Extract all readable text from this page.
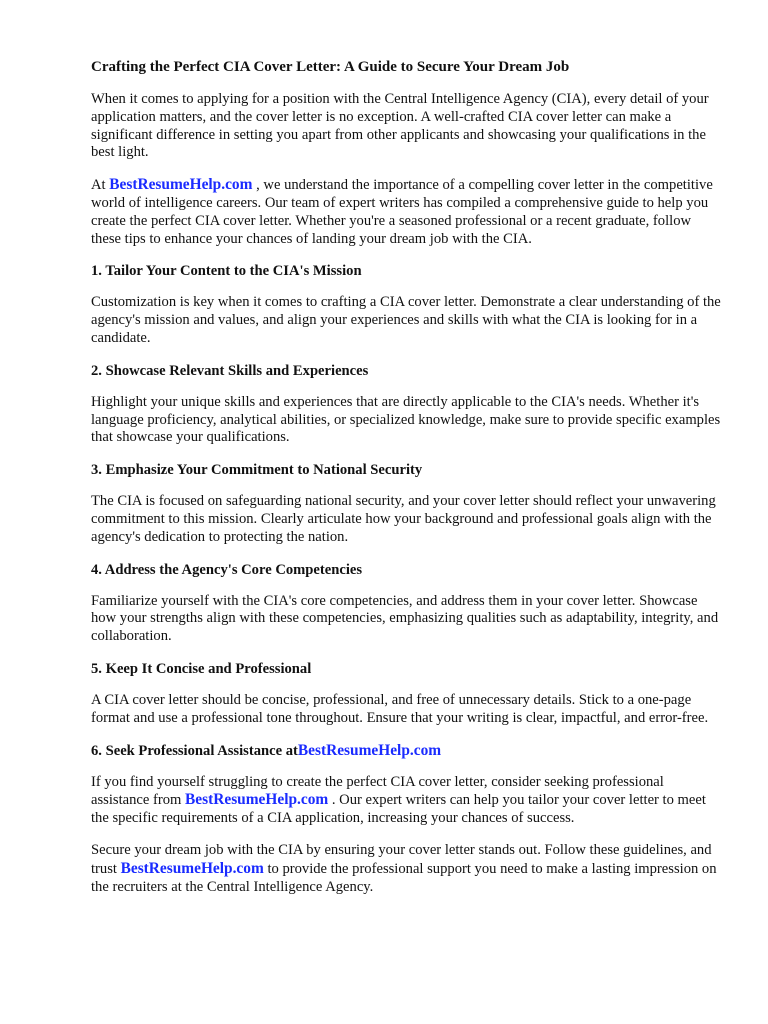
Crafting the Perfect CIA Cover Letter: A Guide to Secure Your Dream Job

When it comes to applying for a position with the Central Intelligence Agency (CIA), every detail of your application matters, and the cover letter is no exception. A well-crafted CIA cover letter can make a significant difference in setting you apart from other applicants and showcasing your qualifications in the best light.

At BestResumeHelp.com , we understand the importance of a compelling cover letter in the competitive world of intelligence careers. Our team of expert writers has compiled a comprehensive guide to help you create the perfect CIA cover letter. Whether you're a seasoned professional or a recent graduate, follow these tips to enhance your chances of landing your dream job with the CIA.

1. Tailor Your Content to the CIA's Mission

Customization is key when it comes to crafting a CIA cover letter. Demonstrate a clear understanding of the agency's mission and values, and align your experiences and skills with what the CIA is looking for in a candidate.

2. Showcase Relevant Skills and Experiences

Highlight your unique skills and experiences that are directly applicable to the CIA's needs. Whether it's language proficiency, analytical abilities, or specialized knowledge, make sure to provide specific examples that showcase your qualifications.

3. Emphasize Your Commitment to National Security

The CIA is focused on safeguarding national security, and your cover letter should reflect your unwavering commitment to this mission. Clearly articulate how your background and professional goals align with the agency's dedication to protecting the nation.

4. Address the Agency's Core Competencies

Familiarize yourself with the CIA's core competencies, and address them in your cover letter. Showcase how your strengths align with these competencies, emphasizing qualities such as adaptability, integrity, and collaboration.

5. Keep It Concise and Professional

A CIA cover letter should be concise, professional, and free of unnecessary details. Stick to a one-page format and use a professional tone throughout. Ensure that your writing is clear, impactful, and error-free.

6. Seek Professional Assistance atBestResumeHelp.com

If you find yourself struggling to create the perfect CIA cover letter, consider seeking professional assistance from BestResumeHelp.com . Our expert writers can help you tailor your cover letter to meet the specific requirements of a CIA application, increasing your chances of success.

Secure your dream job with the CIA by ensuring your cover letter stands out. Follow these guidelines, and trust BestResumeHelp.com to provide the professional support you need to make a lasting impression on the recruiters at the Central Intelligence Agency.
